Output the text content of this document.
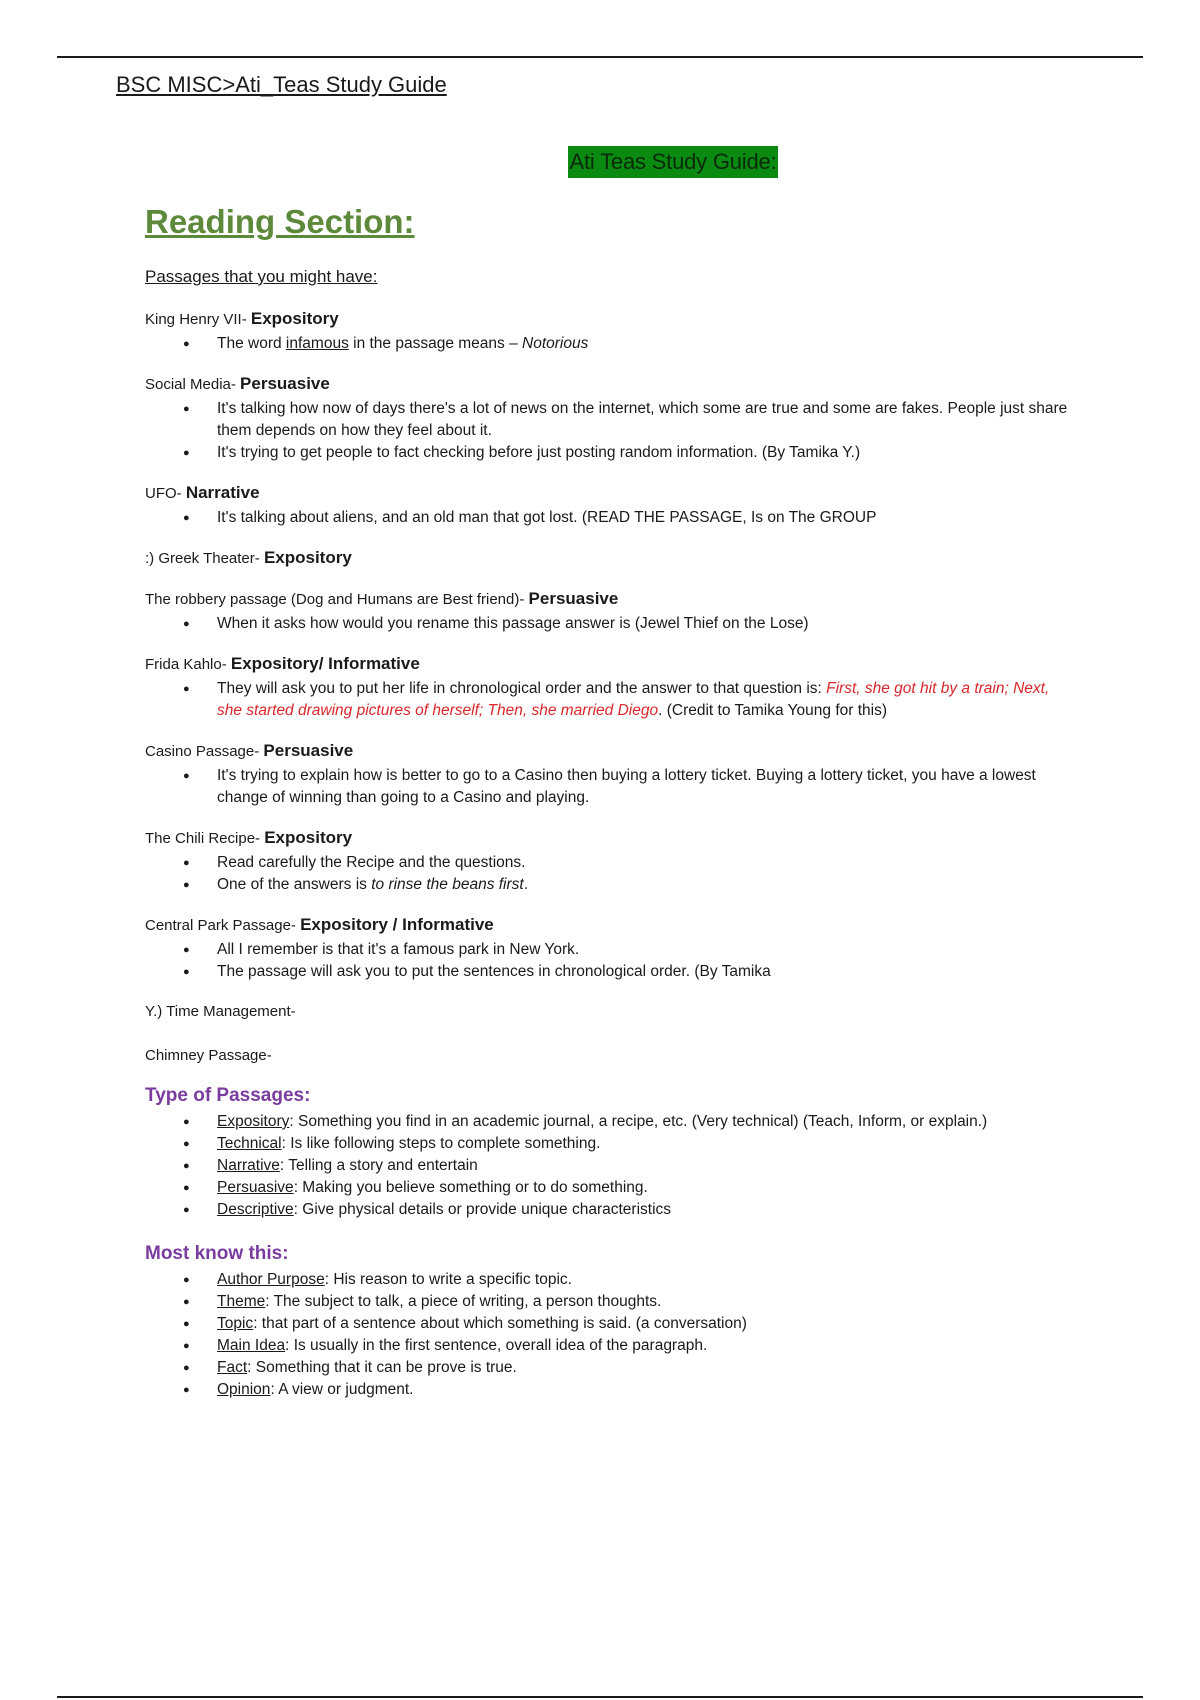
BSC MISC>Ati_Teas Study Guide
Ati Teas Study Guide:
Reading Section:
Passages that you might have:
King Henry VII- Expository
● The word infamous in the passage means – Notorious
Social Media- Persuasive
● It's talking how now of days there's a lot of news on the internet, which some are true and some are fakes. People just share them depends on how they feel about it.
● It's trying to get people to fact checking before just posting random information. (By Tamika Y.)
UFO- Narrative
● It's talking about aliens, and an old man that got lost. (READ THE PASSAGE, Is on The GROUP
:) Greek Theater- Expository
The robbery passage (Dog and Humans are Best friend)- Persuasive
● When it asks how would you rename this passage answer is (Jewel Thief on the Lose)
Frida Kahlo- Expository/ Informative
● They will ask you to put her life in chronological order and the answer to that question is: First, she got hit by a train; Next, she started drawing pictures of herself; Then, she married Diego. (Credit to Tamika Young for this)
Casino Passage- Persuasive
● It's trying to explain how is better to go to a Casino then buying a lottery ticket. Buying a lottery ticket, you have a lowest change of winning than going to a Casino and playing.
The Chili Recipe- Expository
● Read carefully the Recipe and the questions.
● One of the answers is to rinse the beans first.
Central Park Passage- Expository / Informative
● All I remember is that it's a famous park in New York.
● The passage will ask you to put the sentences in chronological order. (By Tamika
Y.) Time Management-
Chimney Passage-
Type of Passages:
● Expository: Something you find in an academic journal, a recipe, etc. (Very technical) (Teach, Inform, or explain.)
● Technical: Is like following steps to complete something.
● Narrative: Telling a story and entertain
● Persuasive: Making you believe something or to do something.
● Descriptive: Give physical details or provide unique characteristics
Most know this:
● Author Purpose: His reason to write a specific topic.
● Theme: The subject to talk, a piece of writing, a person thoughts.
● Topic: that part of a sentence about which something is said. (a conversation)
● Main Idea: Is usually in the first sentence, overall idea of the paragraph.
● Fact: Something that it can be prove is true.
● Opinion: A view or judgment.
